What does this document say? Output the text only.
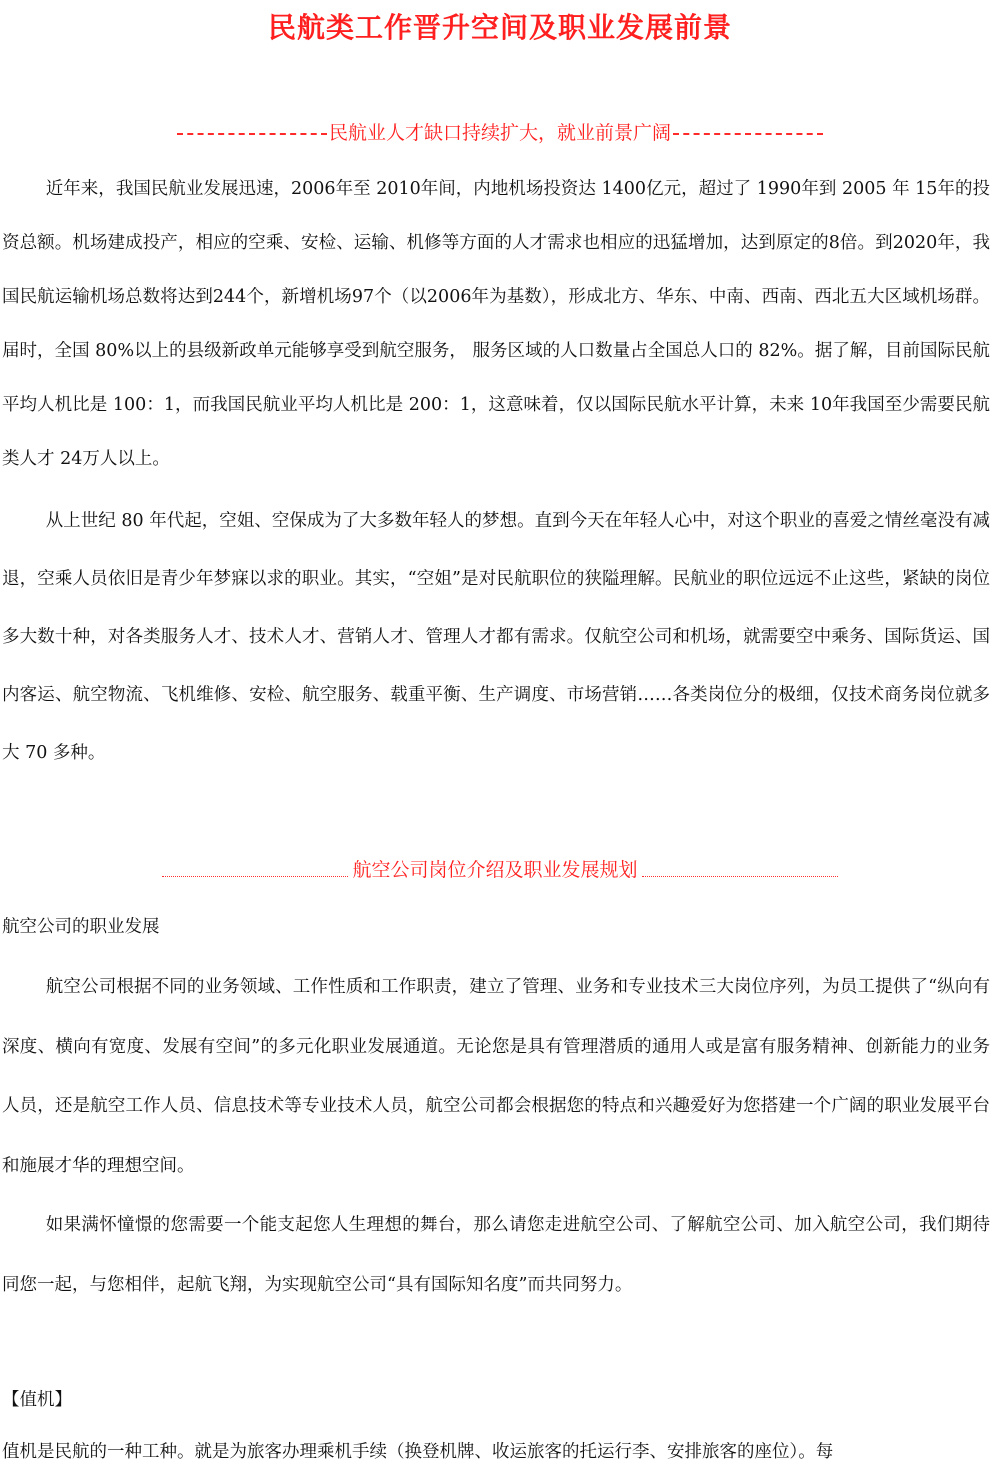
民航类工作晋升空间及职业发展前景
民航业人才缺口持续扩大，就业前景广阔

近年来，我国民航业发展迅速，2006年至 2010年间，内地机场投资达 1400亿元，超过了 1990年到 2005 年 15年的投资总额。机场建成投产，相应的空乘、安检、运输、机修等方面的人才需求也相应的迅猛增加，达到原定的8倍。到2020年，我国民航运输机场总数将达到244个，新增机场97个（以2006年为基数），形成北方、华东、中南、西南、西北五大区域机场群。届时，全国 80%以上的县级新政单元能够享受到航空服务， 服务区域的人口数量占全国总人口的 82%。据了解，目前国际民航平均人机比是 100：1，而我国民航业平均人机比是 200：1，这意味着，仅以国际民航水平计算，未来 10年我国至少需要民航类人才 24万人以上。

从上世纪 80 年代起，空姐、空保成为了大多数年轻人的梦想。直到今天在年轻人心中，对这个职业的喜爱之情丝毫没有减退，空乘人员依旧是青少年梦寐以求的职业。其实，“空姐”是对民航职位的狭隘理解。民航业的职位远远不止这些，紧缺的岗位多大数十种，对各类服务人才、技术人才、营销人才、管理人才都有需求。仅航空公司和机场，就需要空中乘务、国际货运、国内客运、航空物流、飞机维修、安检、航空服务、载重平衡、生产调度、市场营销……各类岗位分的极细，仅技术商务岗位就多大 70 多种。

航空公司岗位介绍及职业发展规划
航空公司的职业发展

航空公司根据不同的业务领域、工作性质和工作职责，建立了管理、业务和专业技术三大岗位序列，为员工提供了“纵向有深度、横向有宽度、发展有空间”的多元化职业发展通道。无论您是具有管理潜质的通用人或是富有服务精神、创新能力的业务人员，还是航空工作人员、信息技术等专业技术人员，航空公司都会根据您的特点和兴趣爱好为您搭建一个广阔的职业发展平台和施展才华的理想空间。

如果满怀憧憬的您需要一个能支起您人生理想的舞台，那么请您走进航空公司、了解航空公司、加入航空公司，我们期待同您一起，与您相伴，起航飞翔，为实现航空公司“具有国际知名度”而共同努力。

【值机】
值机是民航的一种工种。就是为旅客办理乘机手续（换登机牌、收运旅客的托运行李、安排旅客的座位）。每
